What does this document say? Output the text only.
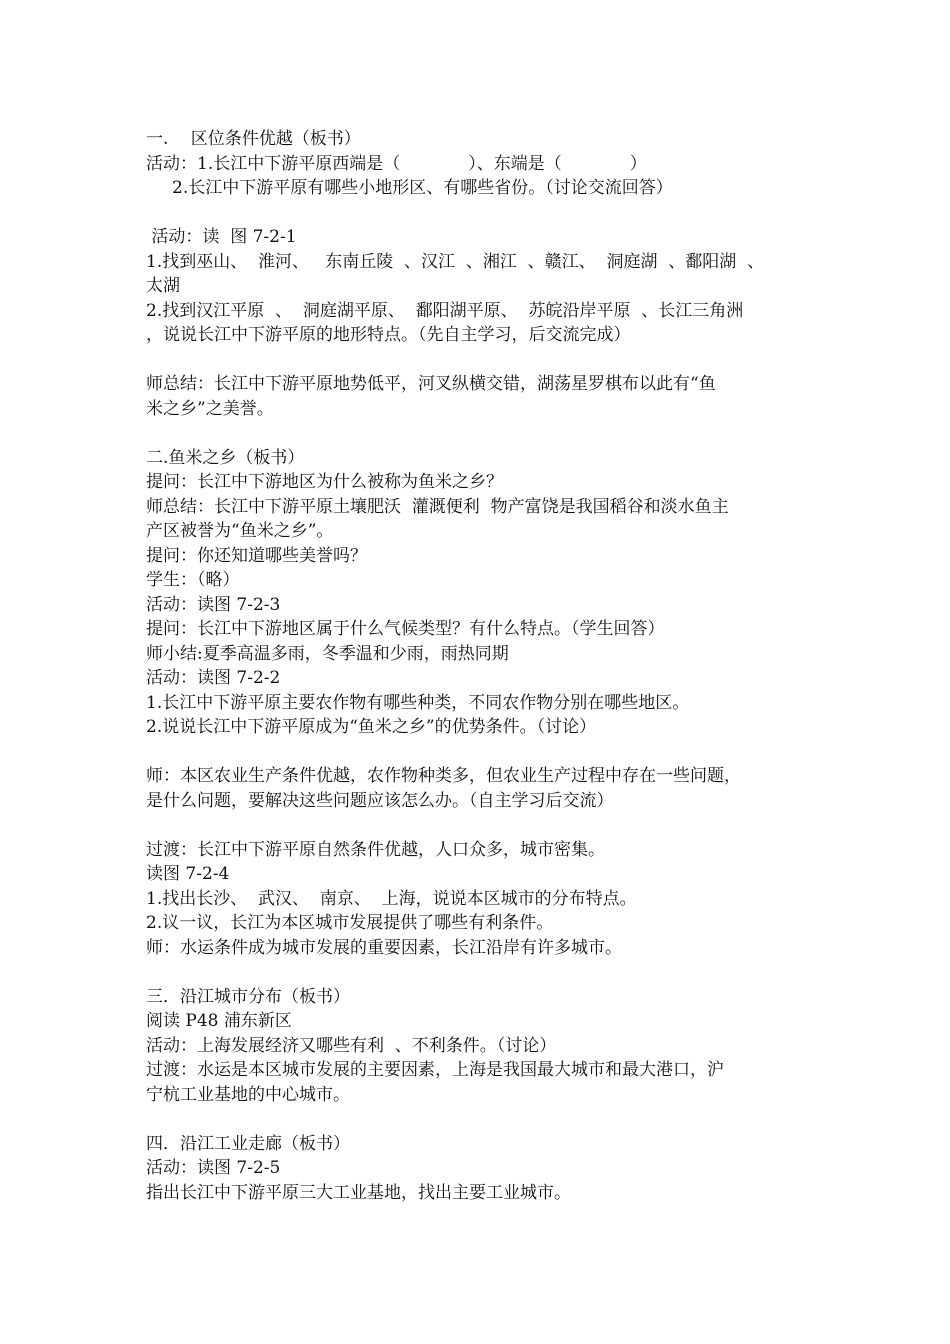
一.　 区位条件优越（板书）
活动：1.长江中下游平原西端是（　　　　）、东端是（　　　　）
2.长江中下游平原有哪些小地形区、有哪些省份。（讨论交流回答）
活动：读  图 7-2-1
1.找到巫山、  淮河、   东南丘陵  、汉江  、湘江  、赣江、  洞庭湖  、鄱阳湖  、
太湖
2.找到汉江平原  、  洞庭湖平原、  鄱阳湖平原、  苏皖沿岸平原  、长江三角洲
，说说长江中下游平原的地形特点。（先自主学习，后交流完成）
师总结：长江中下游平原地势低平，河叉纵横交错，湖荡星罗棋布以此有“鱼
米之乡”之美誉。
二.鱼米之乡（板书）
提问：长江中下游地区为什么被称为鱼米之乡？
师总结：长江中下游平原土壤肥沃  灌溉便利  物产富饶是我国稻谷和淡水鱼主
产区被誉为“鱼米之乡”。
提问：你还知道哪些美誉吗？
学生：（略）
活动：读图 7-2-3
提问：长江中下游地区属于什么气候类型？有什么特点。（学生回答）
师小结:夏季高温多雨，冬季温和少雨，雨热同期
活动：读图 7-2-2
1.长江中下游平原主要农作物有哪些种类，不同农作物分别在哪些地区。
2.说说长江中下游平原成为“鱼米之乡”的优势条件。（讨论）
师：本区农业生产条件优越，农作物种类多，但农业生产过程中存在一些问题，
是什么问题，要解决这些问题应该怎么办。（自主学习后交流）
过渡：长江中下游平原自然条件优越，人口众多，城市密集。
读图 7-2-4
1.找出长沙、  武汉、  南京、  上海，说说本区城市的分布特点。
2.议一议，长江为本区城市发展提供了哪些有利条件。
师：水运条件成为城市发展的重要因素，长江沿岸有许多城市。
三．沿江城市分布（板书）
阅读 P48 浦东新区
活动：上海发展经济又哪些有利  、不利条件。（讨论）
过渡：水运是本区城市发展的主要因素，上海是我国最大城市和最大港口，沪
宁杭工业基地的中心城市。
四．沿江工业走廊（板书）
活动：读图 7-2-5
指出长江中下游平原三大工业基地，找出主要工业城市。
